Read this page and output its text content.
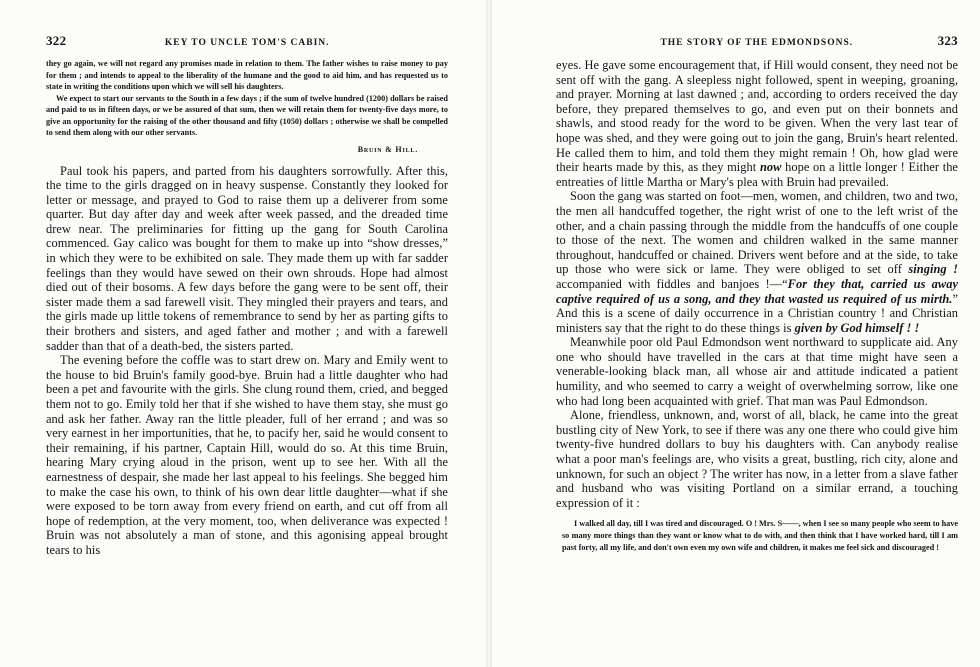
322	KEY TO UNCLE TOM'S CABIN.

they go again, we will not regard any promises made in relation to them. The father wishes to raise money to pay for them ; and intends to appeal to the liberality of the humane and the good to aid him, and has requested us to state in writing the conditions upon which we will sell his daughters.

We expect to start our servants to the South in a few days ; if the sum of twelve hundred (1200) dollars be raised and paid to us in fifteen days, or we be assured of that sum, then we will retain them for twenty-five days more, to give an opportunity for the raising of the other thousand and fifty (1050) dollars ; otherwise we shall be compelled to send them along with our other servants.

Bruin & Hill.

Paul took his papers, and parted from his daughters sorrowfully. After this, the time to the girls dragged on in heavy suspense. Constantly they looked for letter or message, and prayed to God to raise them up a deliverer from some quarter. But day after day and week after week passed, and the dreaded time drew near. The preliminaries for fitting up the gang for South Carolina commenced. Gay calico was bought for them to make up into “show dresses,” in which they were to be exhibited on sale. They made them up with far sadder feelings than they would have sewed on their own shrouds. Hope had almost died out of their bosoms. A few days before the gang were to be sent off, their sister made them a sad farewell visit. They mingled their prayers and tears, and the girls made up little tokens of remembrance to send by her as parting gifts to their brothers and sisters, and aged father and mother ; and with a farewell sadder than that of a death-bed, the sisters parted.

The evening before the coffle was to start drew on. Mary and Emily went to the house to bid Bruin's family good-bye. Bruin had a little daughter who had been a pet and favourite with the girls. She clung round them, cried, and begged them not to go. Emily told her that if she wished to have them stay, she must go and ask her father. Away ran the little pleader, full of her errand ; and was so very earnest in her importunities, that he, to pacify her, said he would consent to their remaining, if his partner, Captain Hill, would do so. At this time Bruin, hearing Mary crying aloud in the prison, went up to see her. With all the earnestness of despair, she made her last appeal to his feelings. She begged him to make the case his own, to think of his own dear little daughter—what if she were exposed to be torn away from every friend on earth, and cut off from all hope of redemption, at the very moment, too, when deliverance was expected ! Bruin was not absolutely a man of stone, and this agonising appeal brought tears to his

THE STORY OF THE EDMONDSONS.	323

eyes. He gave some encouragement that, if Hill would consent, they need not be sent off with the gang. A sleepless night followed, spent in weeping, groaning, and prayer. Morning at last dawned ; and, according to orders received the day before, they prepared themselves to go, and even put on their bonnets and shawls, and stood ready for the word to be given. When the very last tear of hope was shed, and they were going out to join the gang, Bruin's heart relented. He called them to him, and told them they might remain ! Oh, how glad were their hearts made by this, as they might now hope on a little longer ! Either the entreaties of little Martha or Mary's plea with Bruin had prevailed.

Soon the gang was started on foot—men, women, and children, two and two, the men all handcuffed together, the right wrist of one to the left wrist of the other, and a chain passing through the middle from the handcuffs of one couple to those of the next. The women and children walked in the same manner throughout, handcuffed or chained. Drivers went before and at the side, to take up those who were sick or lame. They were obliged to set off singing ! accompanied with fiddles and banjoes !—“For they that, carried us away captive required of us a song, and they that wasted us required of us mirth.” And this is a scene of daily occurrence in a Christian country ! and Christian ministers say that the right to do these things is given by God himself ! !

Meanwhile poor old Paul Edmondson went northward to supplicate aid. Any one who should have travelled in the cars at that time might have seen a venerable-looking black man, all whose air and attitude indicated a patient humility, and who seemed to carry a weight of overwhelming sorrow, like one who had long been acquainted with grief. That man was Paul Edmondson.

Alone, friendless, unknown, and, worst of all, black, he came into the great bustling city of New York, to see if there was any one there who could give him twenty-five hundred dollars to buy his daughters with. Can anybody realise what a poor man's feelings are, who visits a great, bustling, rich city, alone and unknown, for such an object ? The writer has now, in a letter from a slave father and husband who was visiting Portland on a similar errand, a touching expression of it :

I walked all day, till I was tired and discouraged. O ! Mrs. S——, when I see so many people who seem to have so many more things than they want or know what to do with, and then think that I have worked hard, till I am past forty, all my life, and don't own even my own wife and children, it makes me feel sick and discouraged !
